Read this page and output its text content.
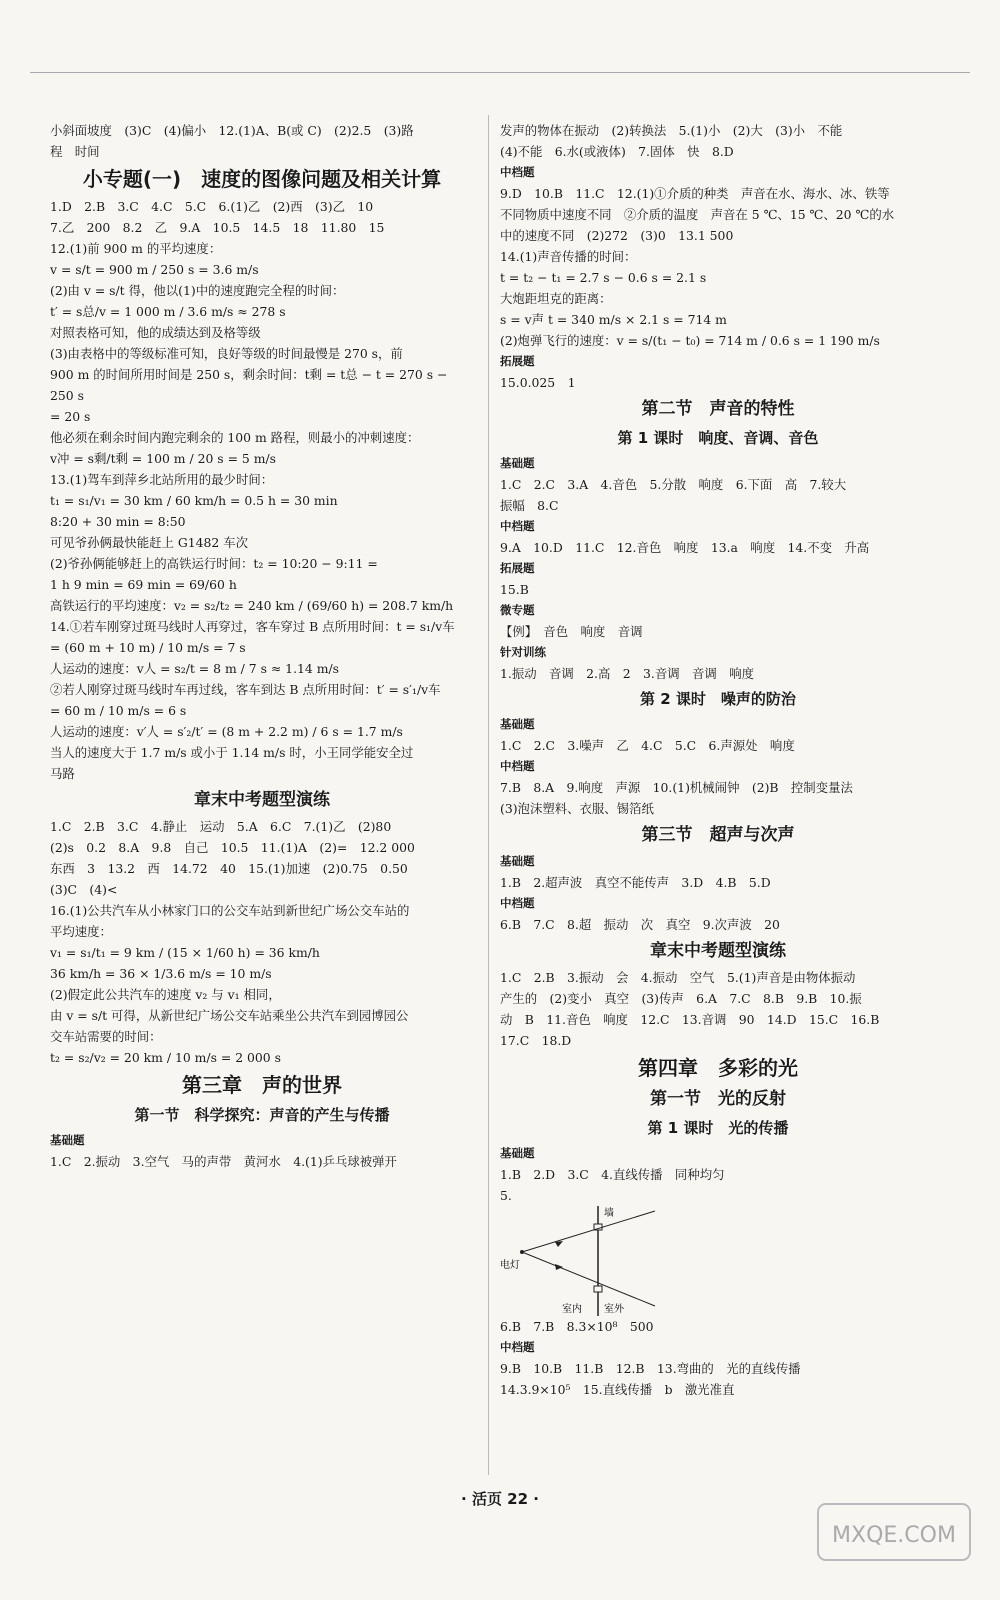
小斜面坡度　(3)C　(4)偏小　12.(1)A、B(或 C)　(2)2.5　(3)路

程　时间

小专题(一)　速度的图像问题及相关计算

1.D　2.B　3.C　4.C　5.C　6.(1)乙　(2)西　(3)乙　10

7.乙　200　8.2　乙　9.A　10.5　14.5　18　11.80　15

12.(1)前 900 m 的平均速度：

v = s/t = 900 m / 250 s = 3.6 m/s

(2)由 v = s/t 得，他以(1)中的速度跑完全程的时间：

t′ = s总/v = 1 000 m / 3.6 m/s ≈ 278 s

对照表格可知，他的成绩达到及格等级

(3)由表格中的等级标准可知，良好等级的时间最慢是 270 s，前

900 m 的时间所用时间是 250 s，剩余时间：t剩 = t总 − t = 270 s − 250 s

= 20 s

他必须在剩余时间内跑完剩余的 100 m 路程，则最小的冲刺速度：

v冲 = s剩/t剩 = 100 m / 20 s = 5 m/s

13.(1)驾车到萍乡北站所用的最少时间：

t₁ = s₁/v₁ = 30 km / 60 km/h = 0.5 h = 30 min

8:20 + 30 min = 8:50

可见爷孙俩最快能赶上 G1482 车次

(2)爷孙俩能够赶上的高铁运行时间：t₂ = 10:20 − 9:11 =

1 h 9 min = 69 min = 69/60 h

高铁运行的平均速度：v₂ = s₂/t₂ = 240 km / (69/60 h) = 208.7 km/h

14.①若车刚穿过斑马线时人再穿过，客车穿过 B 点所用时间：t = s₁/v车

= (60 m + 10 m) / 10 m/s = 7 s

人运动的速度：v人 = s₂/t = 8 m / 7 s ≈ 1.14 m/s

②若人刚穿过斑马线时车再过线，客车到达 B 点所用时间：t′ = s′₁/v车

= 60 m / 10 m/s = 6 s

人运动的速度：v′人 = s′₂/t′ = (8 m + 2.2 m) / 6 s = 1.7 m/s

当人的速度大于 1.7 m/s 或小于 1.14 m/s 时，小王同学能安全过

马路

章末中考题型演练

1.C　2.B　3.C　4.静止　运动　5.A　6.C　7.(1)乙　(2)80

(2)s　0.2　8.A　9.8　自己　10.5　11.(1)A　(2)=　12.2 000

东西　3　13.2　西　14.72　40　15.(1)加速　(2)0.75　0.50

(3)C　(4)<

16.(1)公共汽车从小林家门口的公交车站到新世纪广场公交车站的

平均速度：

v₁ = s₁/t₁ = 9 km / (15 × 1/60 h) = 36 km/h

36 km/h = 36 × 1/3.6 m/s = 10 m/s

(2)假定此公共汽车的速度 v₂ 与 v₁ 相同，

由 v = s/t 可得，从新世纪广场公交车站乘坐公共汽车到园博园公

交车站需要的时间：

t₂ = s₂/v₂ = 20 km / 10 m/s = 2 000 s

第三章　声的世界
第一节　科学探究：声音的产生与传播
基础题

1.C　2.振动　3.空气　马的声带　黄河水　4.(1)乒乓球被弹开

发声的物体在振动　(2)转换法　5.(1)小　(2)大　(3)小　不能

(4)不能　6.水(或液体)　7.固体　快　8.D

中档题

9.D　10.B　11.C　12.(1)①介质的种类　声音在水、海水、冰、铁等

不同物质中速度不同　②介质的温度　声音在 5 ℃、15 ℃、20 ℃的水

中的速度不同　(2)272　(3)0　13.1 500

14.(1)声音传播的时间：

t = t₂ − t₁ = 2.7 s − 0.6 s = 2.1 s

大炮距坦克的距离：

s = v声 t = 340 m/s × 2.1 s = 714 m

(2)炮弹飞行的速度：v = s/(t₁ − t₀) = 714 m / 0.6 s = 1 190 m/s

拓展题

15.0.025　1

第二节　声音的特性
第 1 课时　响度、音调、音色
基础题

1.C　2.C　3.A　4.音色　5.分散　响度　6.下面　高　7.较大

振幅　8.C

中档题

9.A　10.D　11.C　12.音色　响度　13.a　响度　14.不变　升高

拓展题

15.B

微专题

【例】　音色　响度　音调

针对训练

1.振动　音调　2.高　2　3.音调　音调　响度

第 2 课时　噪声的防治
基础题

1.C　2.C　3.噪声　乙　4.C　5.C　6.声源处　响度

中档题

7.B　8.A　9.响度　声源　10.(1)机械闹钟　(2)B　控制变量法

(3)泡沫塑料、衣服、锡箔纸

第三节　超声与次声
基础题

1.B　2.超声波　真空不能传声　3.D　4.B　5.D

中档题

6.B　7.C　8.超　振动　次　真空　9.次声波　20

章末中考题型演练

1.C　2.B　3.振动　会　4.振动　空气　5.(1)声音是由物体振动

产生的　(2)变小　真空　(3)传声　6.A　7.C　8.B　9.B　10.振

动　B　11.音色　响度　12.C　13.音调　90　14.D　15.C　16.B

17.C　18.D

第四章　多彩的光
第一节　光的反射
第 1 课时　光的传播
基础题

1.B　2.D　3.C　4.直线传播　同种均匀

5.

墙
电灯
室内 室外

6.B　7.B　8.3×10⁸　500

中档题

9.B　10.B　11.B　12.B　13.弯曲的　光的直线传播

14.3.9×10⁵　15.直线传播　b　激光准直

· 活页 22 ·
MXQE.COM
